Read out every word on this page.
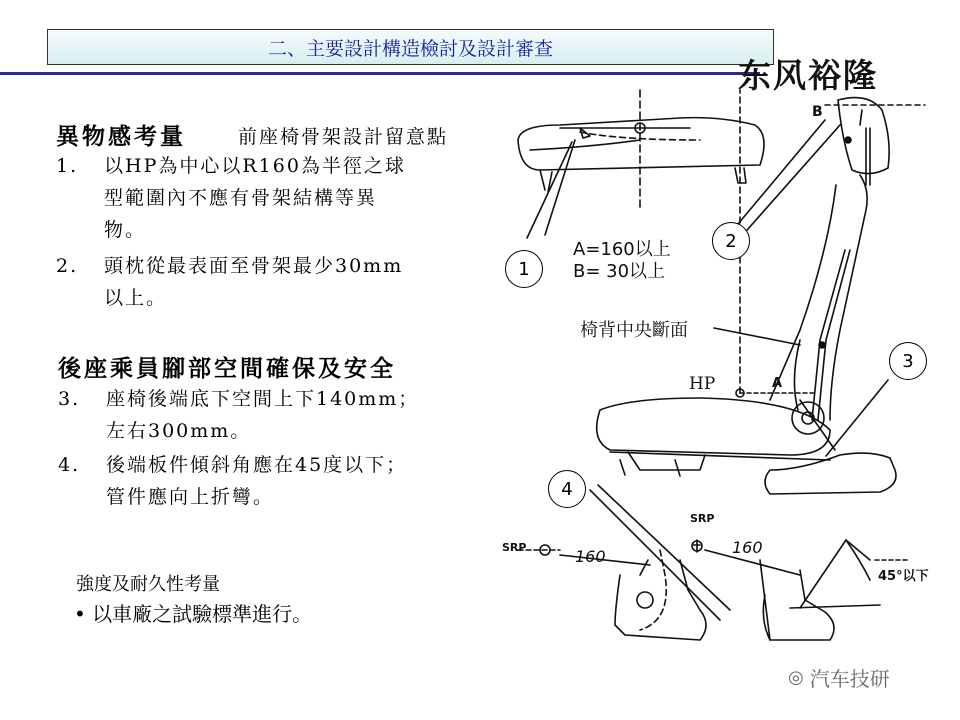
二、主要設計構造檢討及設計審查
东风裕隆
異物感考量	前座椅骨架設計留意點
1. 以HP為中心以R160為半徑之球
型範圍內不應有骨架結構等異
物。
2. 頭枕從最表面至骨架最少30mm
以上。
後座乘員腳部空間確保及安全
3. 座椅後端底下空間上下140mm；
左右300mm。
4. 後端板件傾斜角應在45度以下；
管件應向上折彎。
強度及耐久性考量
• 以車廠之試驗標準進行。
1
2
3
4
A=160以上
B= 30以上
椅背中央斷面
HP	A
B
SRP
SRP
160	160
45°以下
◎ 汽车技研
